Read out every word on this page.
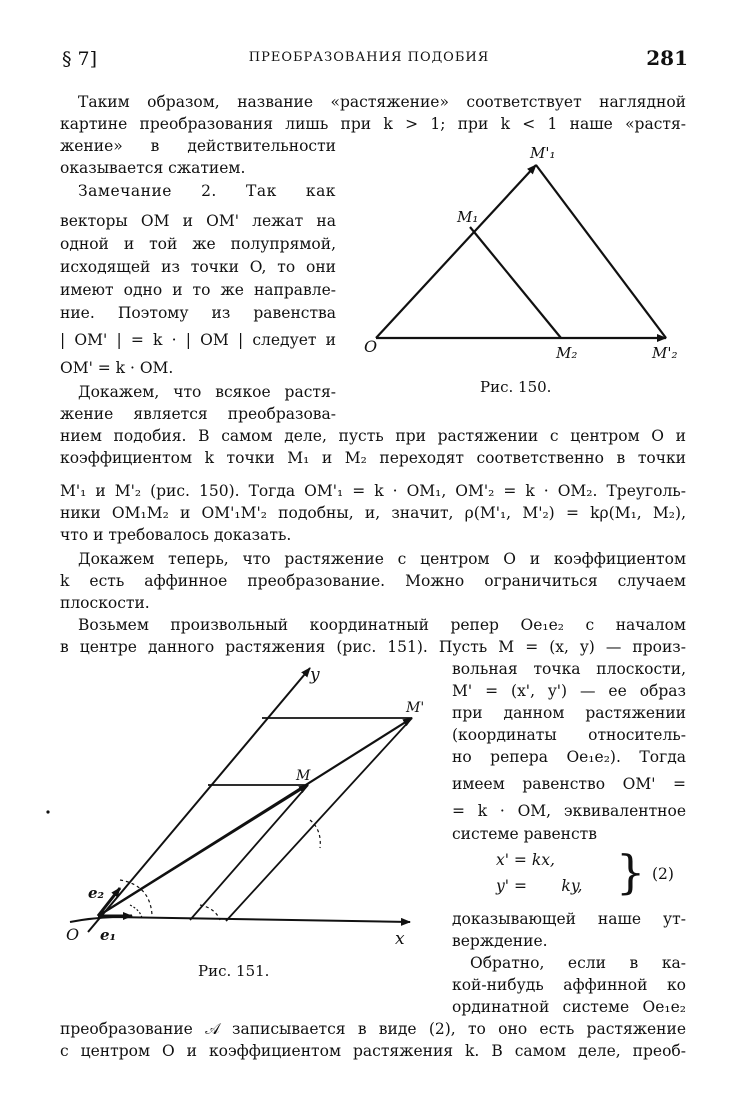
§ 7]	ПРЕОБРАЗОВАНИЯ ПОДОБИЯ	281
Таким образом, название «растяжение» соответствует наглядной
картине преобразования лишь при k > 1; при k < 1 наше «растя-
жение» в действительности
оказывается сжатием.
Замечание 2. Так как
векторы OM и OM' лежат на
одной и той же полупрямой,
исходящей из точки O, то они
имеют одно и то же направле-
ние. Поэтому из равенства
| OM' | = k · | OM | следует и
OM' = k · OM.
Докажем, что всякое растя-
жение является преобразова-
нием подобия. В самом деле, пусть при растяжении с центром O и
коэффициентом k точки M₁ и M₂ переходят соответственно в точки
M'₁ и M'₂ (рис. 150). Тогда OM'₁ = k · OM₁, OM'₂ = k · OM₂. Треуголь-
ники OM₁M₂ и OM'₁M'₂ подобны, и, значит, ρ(M'₁, M'₂) = kρ(M₁, M₂),
что и требовалось доказать.
Докажем теперь, что растяжение с центром O и коэффициентом
k есть аффинное преобразование. Можно ограничиться случаем
плоскости.
Возьмем произвольный координатный репер Oe₁e₂ с началом
в центре данного растяжения (рис. 151). Пусть M = (x, y) — произ-
вольная точка плоскости,
M' = (x', y') — ее образ
при данном растяжении
(координаты относитель-
но репера Oe₁e₂). Тогда
имеем равенство OM' =
= k · OM, эквивалентное
системе равенств
x' = kx,
y' =       ky, } (2)
доказывающей наше ут-
верждение.
Обратно, если в ка-
кой-нибудь аффинной ко
ординатной системе Oe₁e₂
преобразование 𝒜 записывается в виде (2), то оно есть растяжение
с центром O и коэффициентом растяжения k. В самом деле, преоб-
O
M₁
M'₁
M₂	M'₂
Рис. 150.
y
x
O e₁
e₂
M
M'
Рис. 151.
